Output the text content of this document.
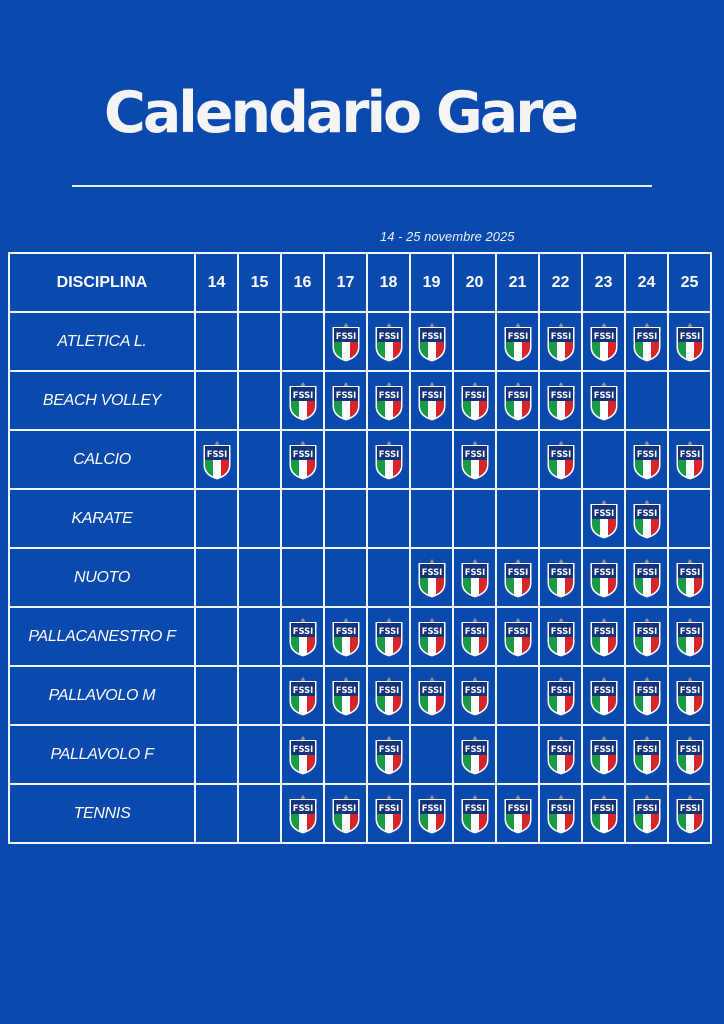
Calendario Gare
14 - 25 novembre 2025
DISCIPLINA	14	15	16	17	18	19	20	21	22	23	24	25
ATLETICA L.				FSSI	FSSI	FSSI		FSSI	FSSI	FSSI	FSSI	FSSI

BEACH VOLLEY			FSSI	FSSI	FSSI	FSSI	FSSI	FSSI	FSSI	FSSI		

CALCIO	FSSI		FSSI		FSSI		FSSI		FSSI		FSSI	FSSI

KARATE										FSSI	FSSI	

NUOTO						FSSI	FSSI	FSSI	FSSI	FSSI	FSSI	FSSI

PALLACANESTRO F			FSSI	FSSI	FSSI	FSSI	FSSI	FSSI	FSSI	FSSI	FSSI	FSSI

PALLAVOLO M			FSSI	FSSI	FSSI	FSSI	FSSI		FSSI	FSSI	FSSI	FSSI

PALLAVOLO F			FSSI		FSSI		FSSI		FSSI	FSSI	FSSI	FSSI

TENNIS			FSSI	FSSI	FSSI	FSSI	FSSI	FSSI	FSSI	FSSI	FSSI	FSSI
